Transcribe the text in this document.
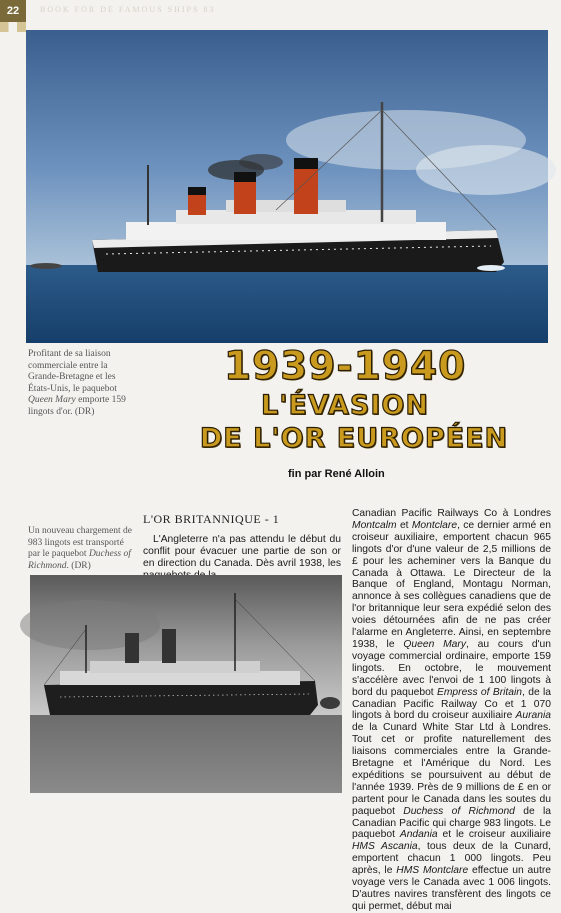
22	BOOK FOR DE FAMOUS SHIPS 83
Profitant de sa liaison commerciale entre la Grande-Bretagne et les États-Unis, le paquebot Queen Mary emporte 159 lingots d'or. (DR)
1939-1940
L'ÉVASION
DE L'OR EUROPÉEN
fin par René Alloin
L'OR BRITANNIQUE - 1
Un nouveau chargement de 983 lingots est transporté par le paquebot Duchess of Richmond. (DR)
L'Angleterre n'a pas attendu le début du conflit pour évacuer une partie de son or en direction du Canada. Dès avril 1938, les
Canadian Pacific Railways Co à Londres Montcalm et Montclare, ce dernier armé en croiseur auxiliaire, emportent chacun 965 lingots d'or d'une valeur de 2,5 millions de £ pour les acheminer vers la Banque du Canada à Ottawa. Le Directeur de la Banque of England, Montagu Norman, annonce à ses collègues canadiens que de l'or britannique leur sera expédié selon des voies détournées afin de ne pas créer l'alarme en Angleterre. Ainsi, en septembre 1938, le Queen Mary, au cours d'un voyage commercial ordinaire, emporte 159 lingots. En octobre, le mouvement s'accélère avec l'envoi de 1 100 lingots à bord du paquebot Empress of Britain, de la Canadian Pacific Railway Co et 1 070 lingots à bord du croiseur auxiliaire Aurania de la Cunard White Star Ltd à Londres. Tout cet or profite naturellement des liaisons commerciales entre la Grande-Bretagne et l'Amérique du Nord. Les expéditions se poursuivent au début de l'année 1939. Près de 9 millions de £ en or partent pour le Canada dans les soutes du paquebot Duchess of Richmond de la Canadian Pacific qui charge 983 lingots. Le paquebot Andania et le croiseur auxiliaire HMS Ascania, tous deux de la Cunard, emportent chacun 1 000 lingots. Peu après, le HMS Montclare effectue un autre voyage vers le Canada avec 1 006 lingots. D'autres navires transfèrent des lingots ce qui permet, début mai
